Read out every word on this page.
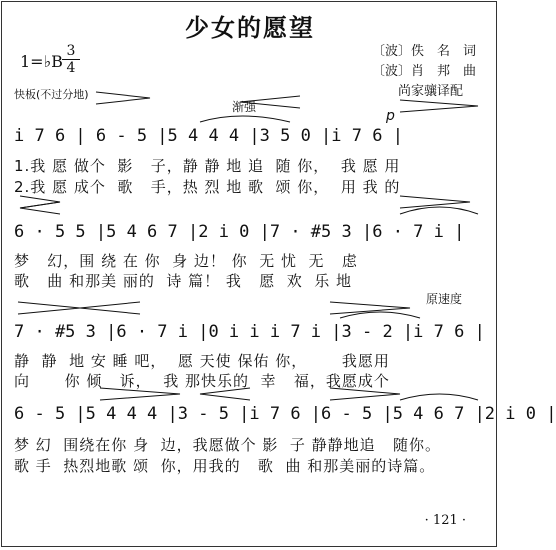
少女的愿望
1=♭B
3
4
快板(不过分地)
〔波〕佚　名　词
〔波〕肖　邦　曲
尚家骧译配
渐强
p
原速度
i 7 6 | 6 - 5 |5 4 4 4 |3 5 0 |i 7 6 |
1.我 愿 做个  影   子，静 静 地 追  随 你，  我 愿 用
2.我 愿 成个  歌   手，热 烈 地 歌  颂 你，  用 我 的
6 · 5 5 |5 4 6 7 |2 i 0 |7 · #5 3 |6 · 7 i |
梦   幻，围 绕 在 你  身 边！ 你  无 忧  无   虑
歌   曲 和那美 丽的  诗 篇！ 我   愿  欢  乐 地
7 · #5 3 |6 · 7 i |0 i i i 7 i |3 - 2 |i 7 6 |
静  静  地 安 睡 吧，  愿 天使 保佑 你，      我愿用
向      你 倾   诉，  我 那快乐的  幸   福，我愿成个
6 - 5 |5 4 4 4 |3 - 5 |i 7 6 |6 - 5 |5 4 6 7 |2 i 0 |
梦 幻  围绕在你 身  边，我愿做个 影  子 静静地追   随你。
歌 手  热烈地歌 颂  你，用我的   歌  曲 和那美丽的诗篇。
· 121 ·
